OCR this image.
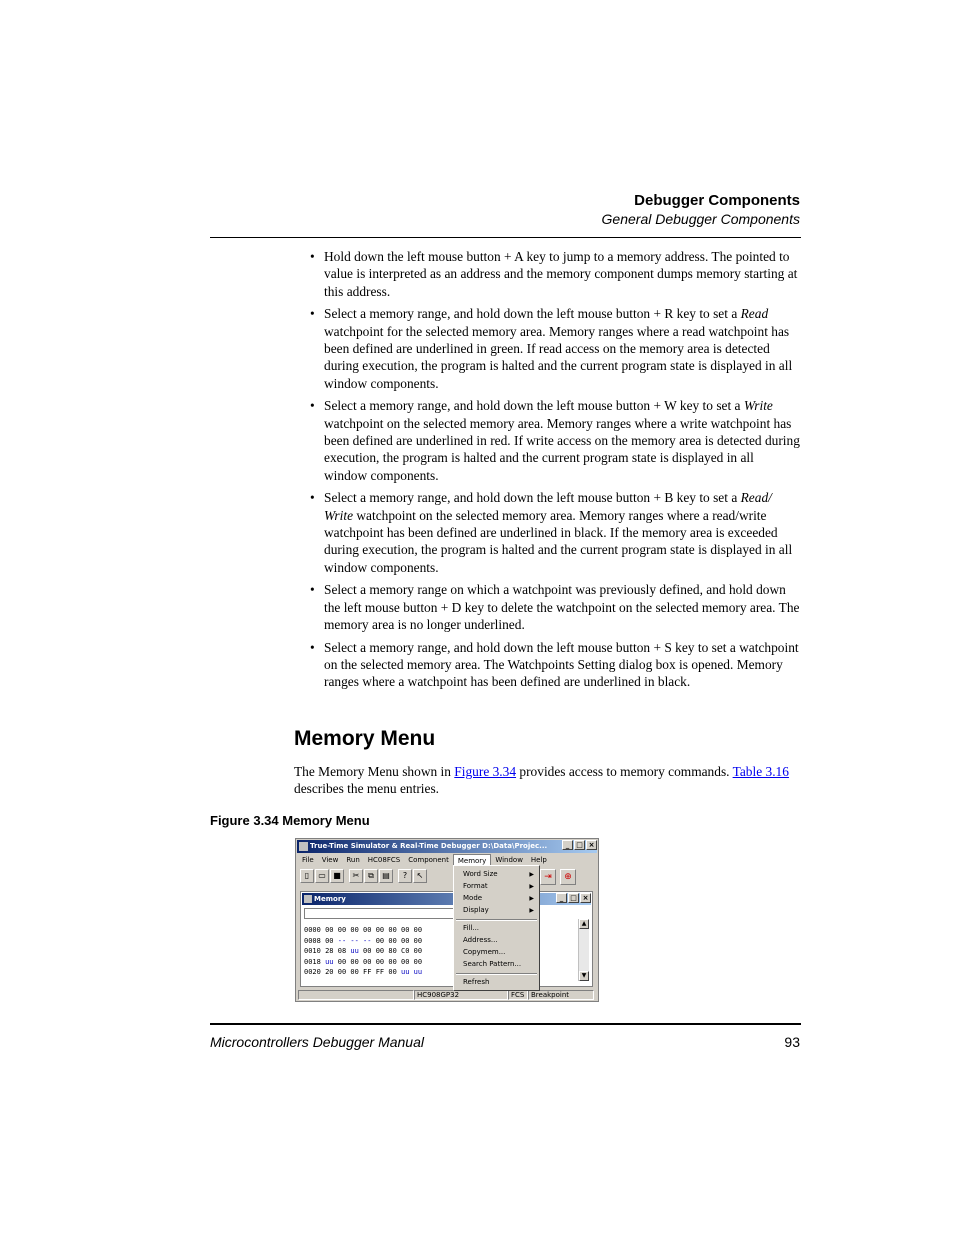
Debugger Components
General Debugger Components
• Hold down the left mouse button + A key to jump to a memory address. The pointed to value is interpreted as an address and the memory component dumps memory starting at this address.
• Select a memory range, and hold down the left mouse button + R key to set a Read watchpoint for the selected memory area. Memory ranges where a read watchpoint has been defined are underlined in green. If read access on the memory area is detected during execution, the program is halted and the current program state is displayed in all window components.
• Select a memory range, and hold down the left mouse button + W key to set a Write watchpoint on the selected memory area. Memory ranges where a write watchpoint has been defined are underlined in red. If write access on the memory area is detected during execution, the program is halted and the current program state is displayed in all window components.
• Select a memory range, and hold down the left mouse button + B key to set a Read/ Write watchpoint on the selected memory area. Memory ranges where a read/write watchpoint has been defined are underlined in black. If the memory area is exceeded during execution, the program is halted and the current program state is displayed in all window components.
• Select a memory range on which a watchpoint was previously defined, and hold down the left mouse button + D key to delete the watchpoint on the selected memory area. The memory area is no longer underlined.
• Select a memory range, and hold down the left mouse button + S key to set a watchpoint on the selected memory area. The Watchpoints Setting dialog box is opened. Memory ranges where a watchpoint has been defined are underlined in black.
Memory Menu
The Memory Menu shown in Figure 3.34 provides access to memory commands. Table 3.16 describes the menu entries.
Figure 3.34 Memory Menu
True-Time Simulator & Real-Time Debugger D:\Data\Projec...	_ □ ×
File	View	Run	HC08FCS	Component	Memory	Window	Help
▯	▭ ■	✂	⧉	▤	?	↖	⇥	⊕
Memory	_ □ ×
0000 00 00 00 00 00 00 00 00
0008 00 -- -- -- 00 00 00 00
0010 28 08 uu 00 00 80 C0 00
0018 uu 00 00 00 00 00 00 00
0020 20 00 00 FF FF 00 uu uu
▲
▼
HC908GP32	FCS Breakpoint
Word Size	▶
Format	▶
Mode	▶
Display	▶
Fill...
Address...
Copymem...
Search Pattern...
Refresh
Microcontrollers Debugger Manual	93
